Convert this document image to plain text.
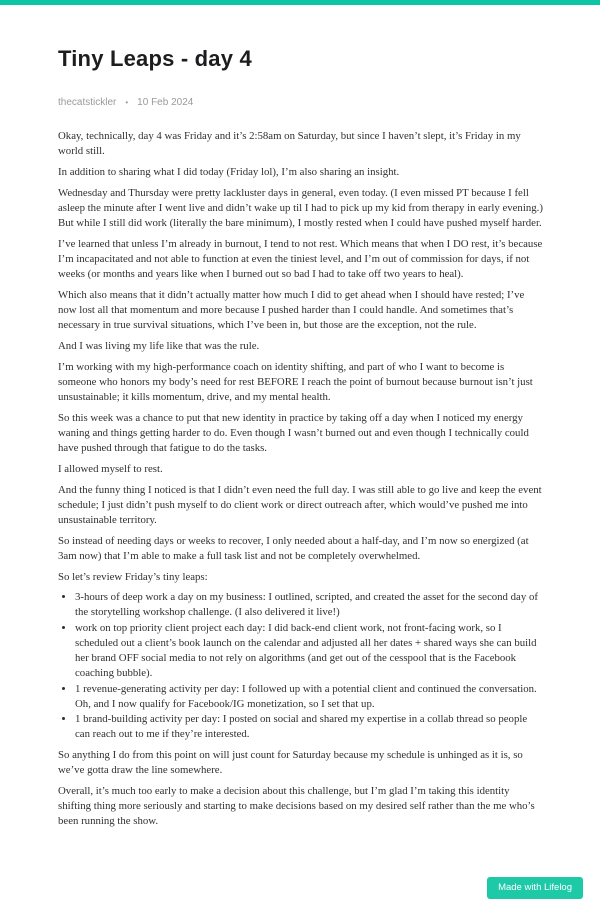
Tiny Leaps - day 4
thecatstickler • 10 Feb 2024

Okay, technically, day 4 was Friday and it’s 2:58am on Saturday, but since I haven’t slept, it’s Friday in my world still.

In addition to sharing what I did today (Friday lol), I’m also sharing an insight.

Wednesday and Thursday were pretty lackluster days in general, even today. (I even missed PT because I fell asleep the minute after I went live and didn’t wake up til I had to pick up my kid from therapy in early evening.) But while I still did work (literally the bare minimum), I mostly rested when I could have pushed myself harder.

I’ve learned that unless I’m already in burnout, I tend to not rest. Which means that when I DO rest, it’s because I’m incapacitated and not able to function at even the tiniest level, and I’m out of commission for days, if not weeks (or months and years like when I burned out so bad I had to take off two years to heal).

Which also means that it didn’t actually matter how much I did to get ahead when I should have rested; I’ve now lost all that momentum and more because I pushed harder than I could handle. And sometimes that’s necessary in true survival situations, which I’ve been in, but those are the exception, not the rule.

And I was living my life like that was the rule.

I’m working with my high-performance coach on identity shifting, and part of who I want to become is someone who honors my body’s need for rest BEFORE I reach the point of burnout because burnout isn’t just unsustainable; it kills momentum, drive, and my mental health.

So this week was a chance to put that new identity in practice by taking off a day when I noticed my energy waning and things getting harder to do. Even though I wasn’t burned out and even though I technically could have pushed through that fatigue to do the tasks.

I allowed myself to rest.

And the funny thing I noticed is that I didn’t even need the full day. I was still able to go live and keep the event schedule; I just didn’t push myself to do client work or direct outreach after, which would’ve pushed me into unsustainable territory.

So instead of needing days or weeks to recover, I only needed about a half-day, and I’m now so energized (at 3am now) that I’m able to make a full task list and not be completely overwhelmed.

So let’s review Friday’s tiny leaps:

• 3-hours of deep work a day on my business: I outlined, scripted, and created the asset for the second day of the storytelling workshop challenge. (I also delivered it live!)
• work on top priority client project each day: I did back-end client work, not front-facing work, so I scheduled out a client’s book launch on the calendar and adjusted all her dates + shared ways she can build her brand OFF social media to not rely on algorithms (and get out of the cesspool that is the Facebook coaching bubble).
• 1 revenue-generating activity per day: I followed up with a potential client and continued the conversation. Oh, and I now qualify for Facebook/IG monetization, so I set that up.
• 1 brand-building activity per day: I posted on social and shared my expertise in a collab thread so people can reach out to me if they’re interested.

So anything I do from this point on will just count for Saturday because my schedule is unhinged as it is, so we’ve gotta draw the line somewhere.

Overall, it’s much too early to make a decision about this challenge, but I’m glad I’m taking this identity shifting thing more seriously and starting to make decisions based on my desired self rather than the me who’s been running the show.

Made with Lifelog
